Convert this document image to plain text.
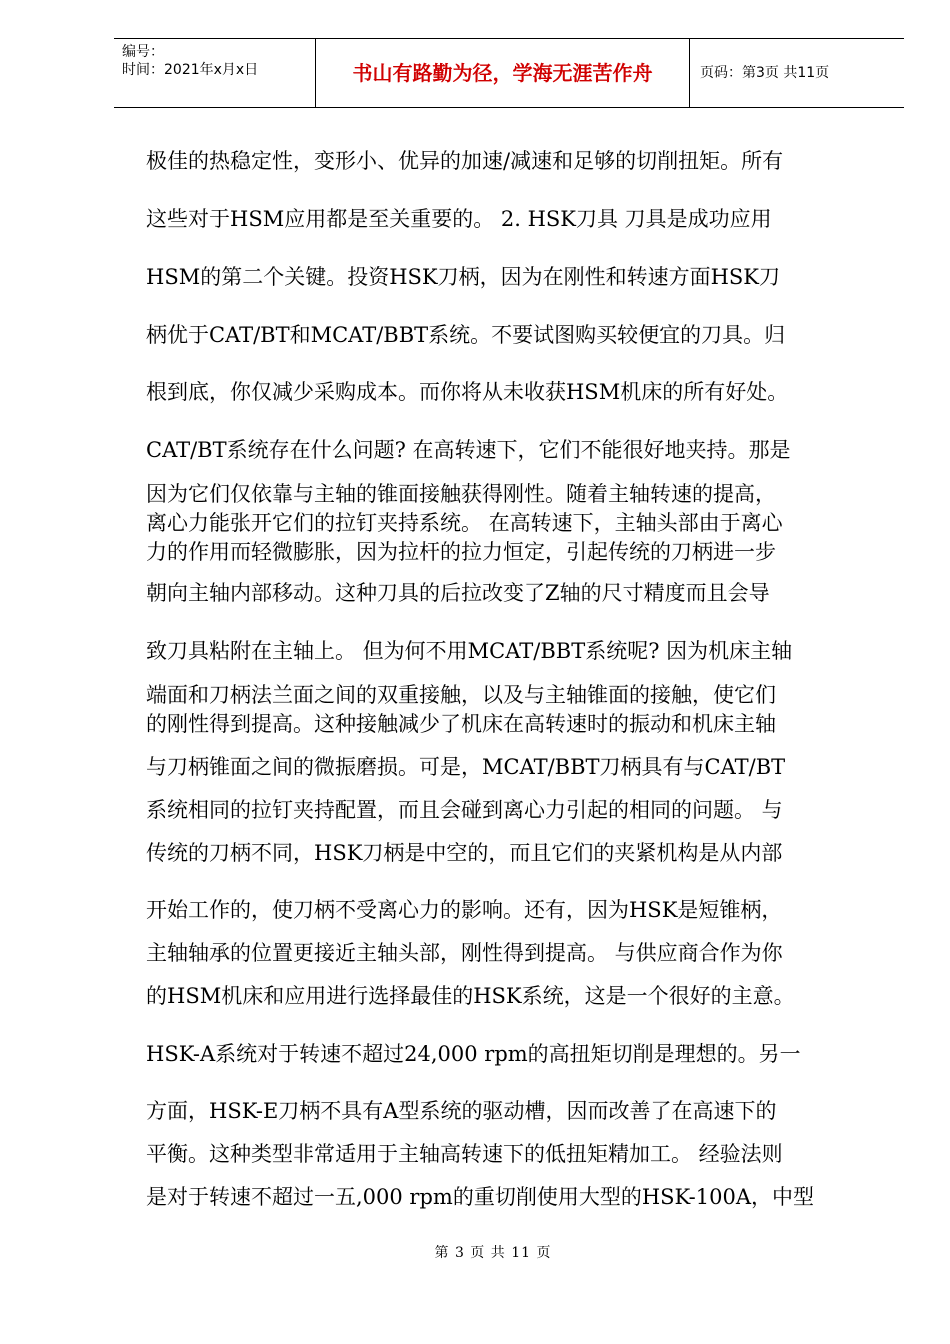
编号：
时间：2021年x月x日	书山有路勤为径，学海无涯苦作舟	页码：第3页 共11页
极佳的热稳定性，变形小、优异的加速/减速和足够的切削扭矩。所有
这些对于HSM应用都是至关重要的。 2. HSK刀具 刀具是成功应用
HSM的第二个关键。投资HSK刀柄，因为在刚性和转速方面HSK刀
柄优于CAT/BT和MCAT/BBT系统。不要试图购买较便宜的刀具。归
根到底，你仅减少采购成本。而你将从未收获HSM机床的所有好处。
CAT/BT系统存在什么问题? 在高转速下，它们不能很好地夹持。那是
因为它们仅依靠与主轴的锥面接触获得刚性。随着主轴转速的提高，
离心力能张开它们的拉钉夹持系统。 在高转速下，主轴头部由于离心
力的作用而轻微膨胀，因为拉杆的拉力恒定，引起传统的刀柄进一步
朝向主轴内部移动。这种刀具的后拉改变了Z轴的尺寸精度而且会导
致刀具粘附在主轴上。 但为何不用MCAT/BBT系统呢? 因为机床主轴
端面和刀柄法兰面之间的双重接触，以及与主轴锥面的接触，使它们
的刚性得到提高。这种接触减少了机床在高转速时的振动和机床主轴
与刀柄锥面之间的微振磨损。可是，MCAT/BBT刀柄具有与CAT/BT
系统相同的拉钉夹持配置，而且会碰到离心力引起的相同的问题。 与
传统的刀柄不同，HSK刀柄是中空的，而且它们的夹紧机构是从内部
开始工作的，使刀柄不受离心力的影响。还有，因为HSK是短锥柄，
主轴轴承的位置更接近主轴头部，刚性得到提高。 与供应商合作为你
的HSM机床和应用进行选择最佳的HSK系统，这是一个很好的主意。
HSK-A系统对于转速不超过24,000 rpm的高扭矩切削是理想的。另一
方面，HSK-E刀柄不具有A型系统的驱动槽，因而改善了在高速下的
平衡。这种类型非常适用于主轴高转速下的低扭矩精加工。 经验法则
是对于转速不超过一五,000 rpm的重切削使用大型的HSK-100A，中型
第 3 页 共 11 页
